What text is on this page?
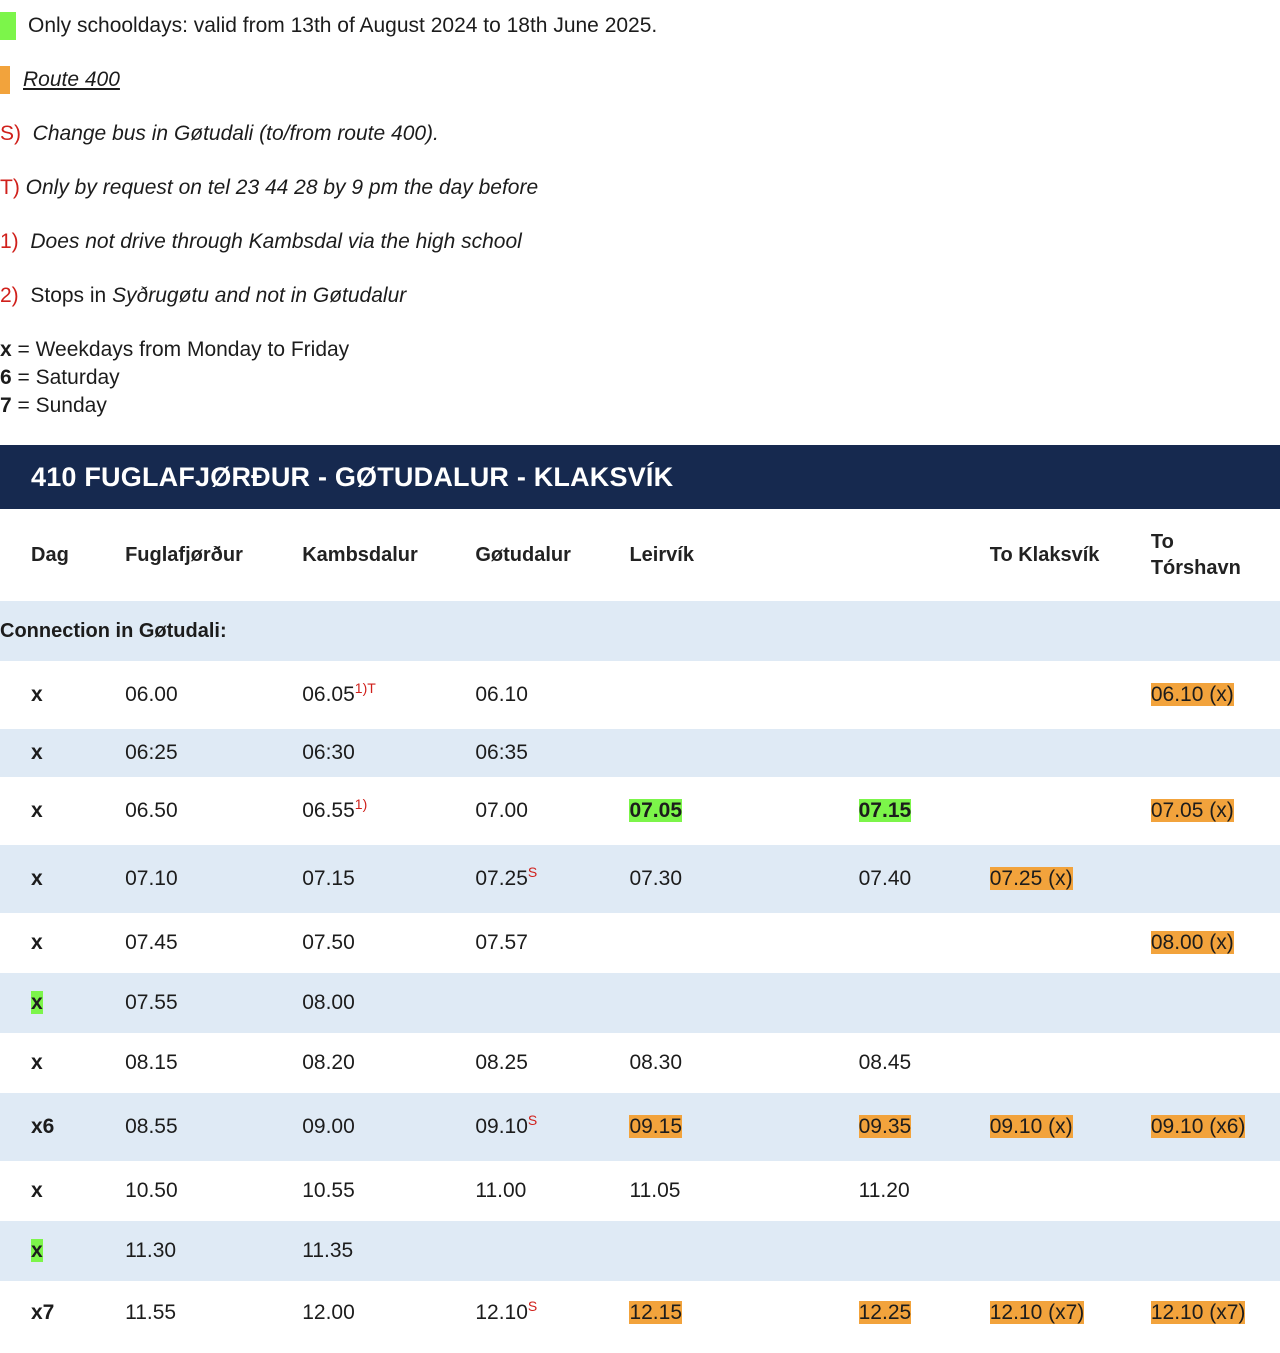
Only schooldays: valid from 13th of August 2024 to 18th June 2025.
Route 400
S) Change bus in Gøtudali (to/from route 400).
T) Only by request on tel 23 44 28 by 9 pm the day before
1) Does not drive through Kambsdal via the high school
2) Stops in Syðrugøtu and not in Gøtudalur
x = Weekdays from Monday to Friday
6 = Saturday
7 = Sunday
410 FUGLAFJØRÐUR - GØTUDALUR - KLAKSVÍK
Dag	Fuglafjørður	Kambsdalur	Gøtudalur	Leirvík		To Klaksvík	To Tórshavn
Connection in Gøtudali:							
x	06.00	06.05$^{1)T}$	06.10				06.10 (x)
x	06:25	06:30	06:35				
x	06.50	06.55$^{1)}$	07.00	07.05	07.15		07.05 (x)
x	07.10	07.15	07.25$^S$	07.30	07.40	07.25 (x)	
x	07.45	07.50	07.57				08.00 (x)
x	07.55	08.00					
x	08.15	08.20	08.25	08.30	08.45		
x6	08.55	09.00	09.10$^S$	09.15	09.35	09.10 (x)	09.10 (x6)
x	10.50	10.55	11.00	11.05	11.20		
x	11.30	11.35					
x7	11.55	12.00	12.10$^S$	12.15	12.25	12.10 (x7)	12.10 (x7)
